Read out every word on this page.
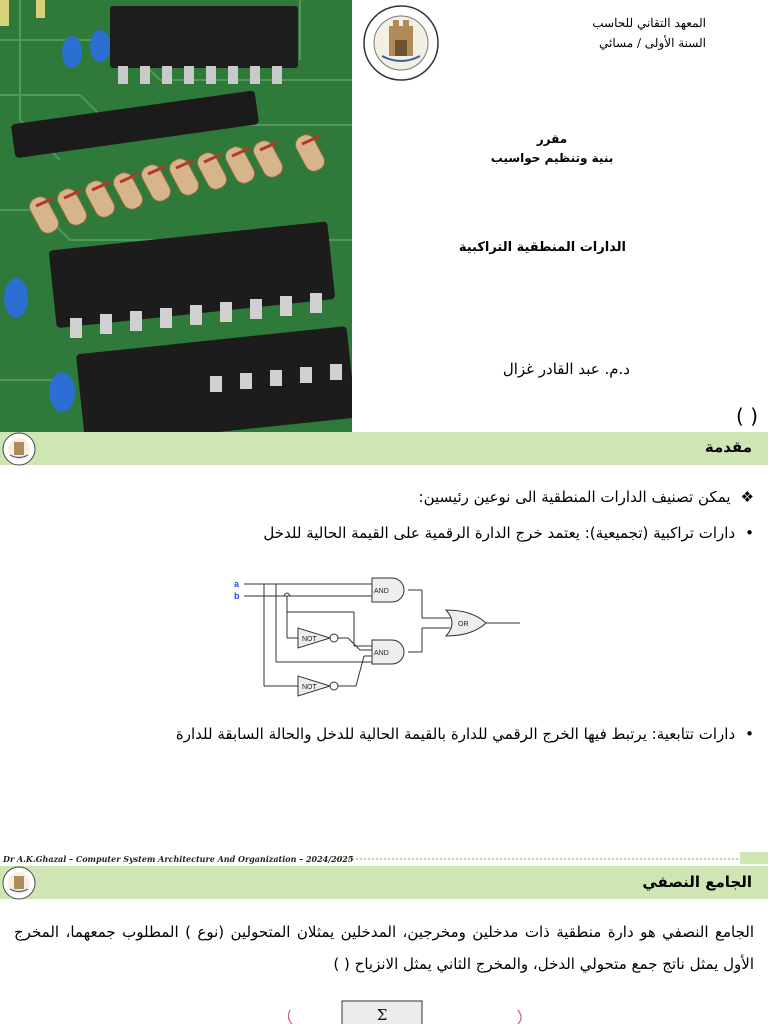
المعهد التقاني للحاسب
السنة الأولى / مسائي
مقرر
بنية وتنظيم حواسيب
الدارات المنطقية التراكبية
د.م. عبد القادر غزال
( )
مقدمة
❖يمكن تصنيف الدارات المنطقية الى نوعين رئيسين:
•دارات تراكبية (تجميعية): يعتمد خرج الدارة الرقمية على القيمة الحالية للدخل
a
b	AND
AND
NOT
NOT
OR
•دارات تتابعية: يرتبط فيها الخرج الرقمي للدارة بالقيمة الحالية للدخل والحالة السابقة للدارة
Dr A.K.Ghazal – Computer System Architecture And Organization – 2024/2025
الجامع النصفي
الجامع النصفي هو دارة منطقية ذات مدخلين ومخرجين، المدخلين يمثلان المتحولين (نوع ) المطلوب جمعهما، المخرج الأول يمثل ناتج جمع متحولي الدخل، والمخرج الثاني يمثل الانزياح ( )
Σ
